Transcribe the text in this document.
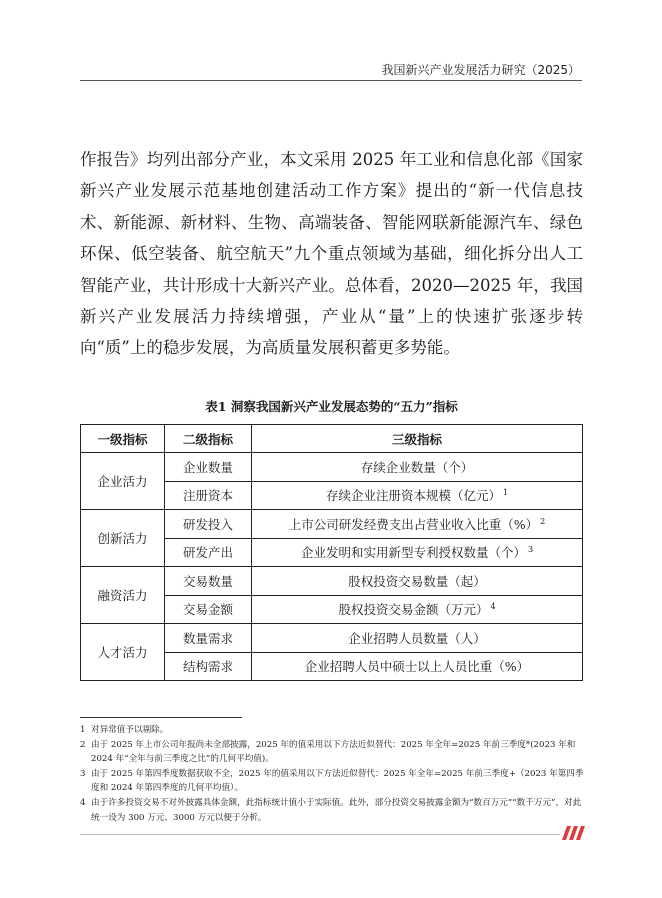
我国新兴产业发展活力研究（2025）

作报告》均列出部分产业，本文采用 2025 年工业和信息化部《国家新兴产业发展示范基地创建活动工作方案》提出的“新一代信息技术、新能源、新材料、生物、高端装备、智能网联新能源汽车、绿色环保、低空装备、航空航天”九个重点领域为基础，细化拆分出人工智能产业，共计形成十大新兴产业。总体看，2020—2025 年，我国新兴产业发展活力持续增强，产业从“量”上的快速扩张逐步转向“质”上的稳步发展，为高质量发展积蓄更多势能。

表1 洞察我国新兴产业发展态势的“五力”指标
一级指标	二级指标	三级指标
企业活力	企业数量	存续企业数量（个）
	注册资本	存续企业注册资本规模（亿元） $^1$
创新活力	研发投入	上市公司研发经费支出占营业收入比重（%） $^2$
	研发产出	企业发明和实用新型专利授权数量（个） $^3$
融资活力	交易数量	股权投资交易数量（起）
	交易金额	股权投资交易金额（万元） $^4$
人才活力	数量需求	企业招聘人员数量（人）
	结构需求	企业招聘人员中硕士以上人员比重（%）
1 对异常值予以剔除。
2 由于 2025 年上市公司年报尚未全部披露，2025 年的值采用以下方法近似替代：2025 年全年=2025 年前三季度*(2023 年和 2024 年“全年与前三季度之比”的几何平均值)。
3 由于 2025 年第四季度数据获取不全，2025 年的值采用以下方法近似替代：2025 年全年=2025 年前三季度+（2023 年第四季度和 2024 年第四季度的几何平均值）。
4 由于许多投资交易不对外披露具体金额，此指标统计值小于实际值。此外，部分投资交易披露金额为“数百万元”“数千万元”，对此统一设为 300 万元、3000 万元以便于分析。
